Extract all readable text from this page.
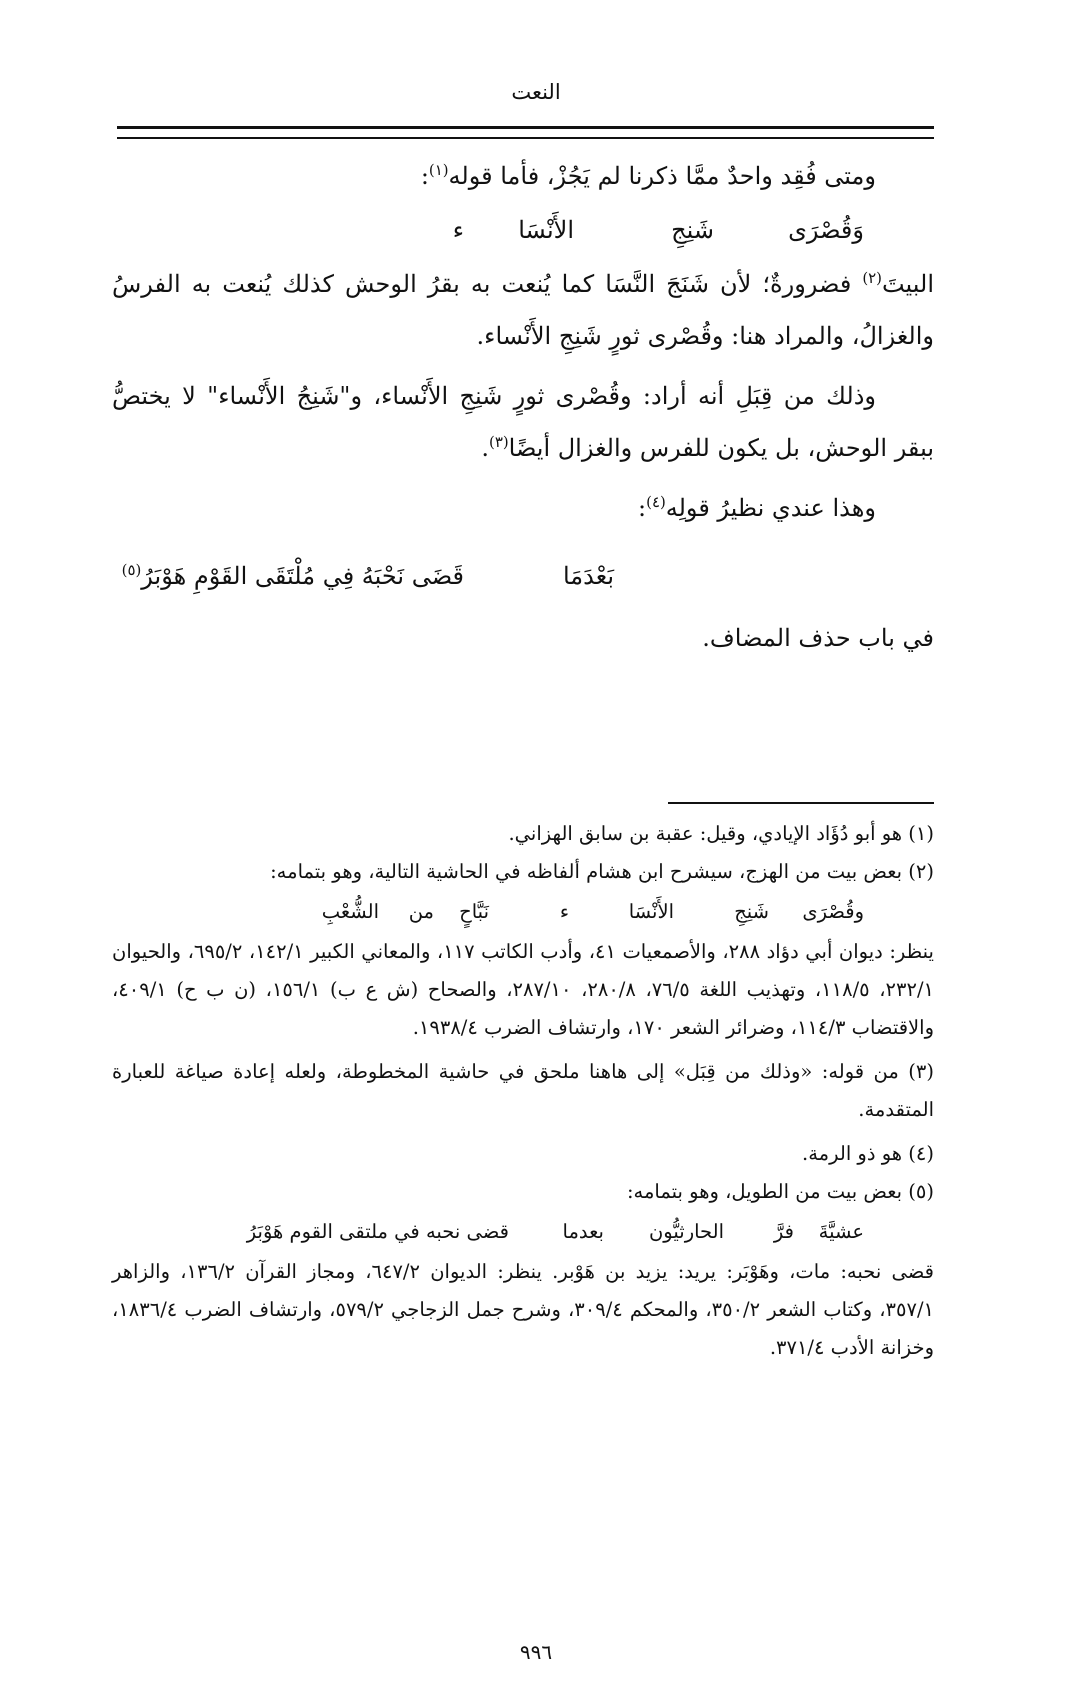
النعت

ومتى فُقِد واحدٌ ممَّا ذكرنا لم يَجُزْ، فأما قوله$^{(١)}$:

وَقُصْرَى
شَنِجِ
الأَنْسَا
ء

البيتَ$^{(٢)}$ فضرورةٌ؛ لأن شَنَجَ النَّسَا كما يُنعت به بقرُ الوحش كذلك يُنعت به الفرسُ والغزالُ، والمراد هنا: وقُصْرى ثورٍ شَنِجِ الأَنْساء.

وذلك من قِبَلِ أنه أراد: وقُصْرى ثورٍ شَنِجِ الأَنْساء، و"شَنِجُ الأَنْساء" لا يختصُّ ببقر الوحش، بل يكون للفرس والغزال أيضًا$^{(٣)}$.

وهذا عندي نظيرُ قولِه$^{(٤)}$:

بَعْدَمَا
قَضَى نَحْبَهُ فِي مُلْتَقَى القَوْمِ هَوْبَرُ$^{(٥)}$

في باب حذف المضاف.

(١) هو أبو دُؤَاد الإيادي، وقيل: عقبة بن سابق الهزاني.

(٢) بعض بيت من الهزج، سيشرح ابن هشام ألفاظه في الحاشية التالية، وهو بتمامه:

وقُصْرَى
شَنِجِ
الأَنْسَا
ء
نَبَّاحٍ
من
الشُّعْبِ

ينظر: ديوان أبي دؤاد ٢٨٨، والأصمعيات ٤١، وأدب الكاتب ١١٧، والمعاني الكبير ١٤٢/١، ٦٩٥/٢، والحيوان ٢٣٢/١، ١١٨/٥، وتهذيب اللغة ٧٦/٥، ٢٨٠/٨، ٢٨٧/١٠، والصحاح (ش ع ب) ١٥٦/١، (ن ب ح) ٤٠٩/١، والاقتضاب ١١٤/٣، وضرائر الشعر ١٧٠، وارتشاف الضرب ١٩٣٨/٤.

(٣) من قوله: «وذلك من قِبَل» إلى هاهنا ملحق في حاشية المخطوطة، ولعله إعادة صياغة للعبارة المتقدمة.

(٤) هو ذو الرمة.

(٥) بعض بيت من الطويل، وهو بتمامه:

عشيَّةَ
فرَّ
الحارثيُّون
بعدما
قضى نحبه في ملتقى القوم هَوْبَرُ

قضى نحبه: مات، وهَوْبَر: يريد: يزيد بن هَوْبر. ينظر: الديوان ٦٤٧/٢، ومجاز القرآن ١٣٦/٢، والزاهر ٣٥٧/١، وكتاب الشعر ٣٥٠/٢، والمحكم ٣٠٩/٤، وشرح جمل الزجاجي ٥٧٩/٢، وارتشاف الضرب ١٨٣٦/٤، وخزانة الأدب ٣٧١/٤.

٩٩٦
